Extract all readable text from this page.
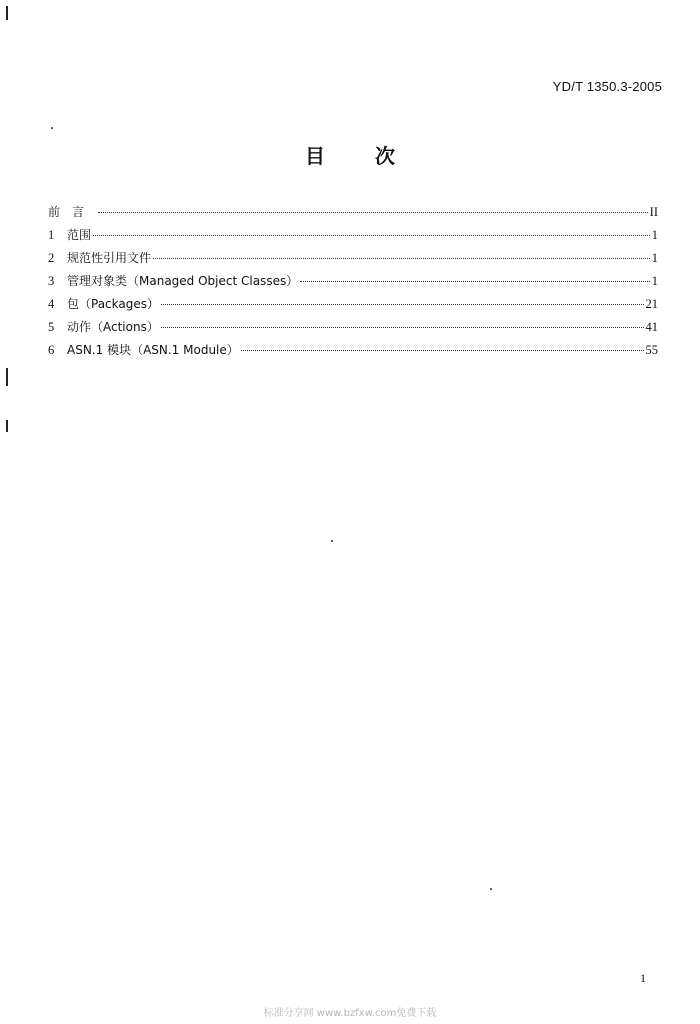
YD/T 1350.3-2005
目次
前言	II
1	范围	1
2	规范性引用文件	1
3	管理对象类（Managed Object Classes）	1
4	包（Packages）	21
5	动作（Actions）	41
6	ASN.1 模块（ASN.1 Module）	55
1
标准分享网 www.bzfxw.com免费下载
